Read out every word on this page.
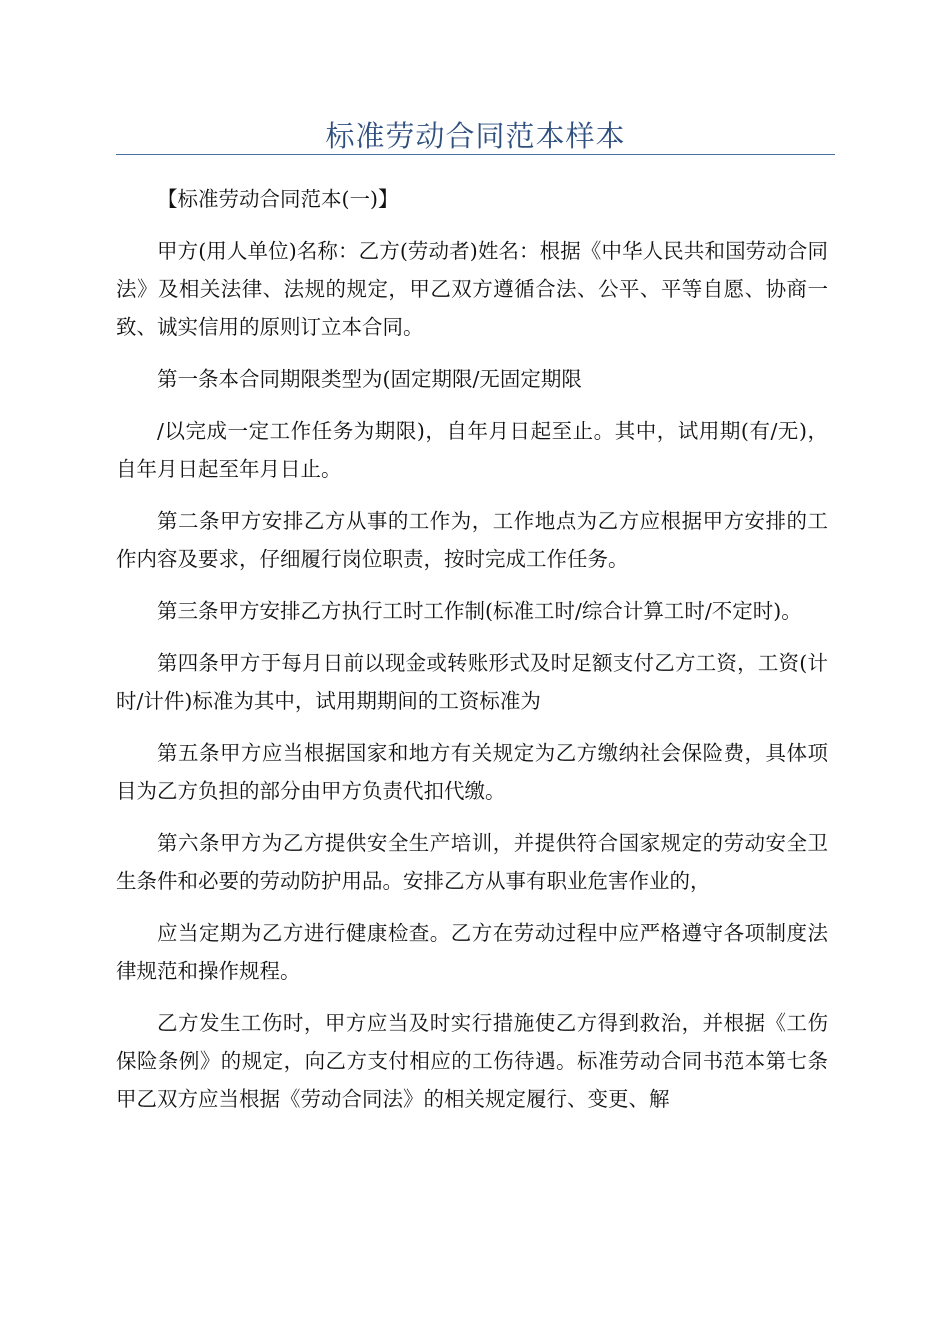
标准劳动合同范本样本

【标准劳动合同范本(一)】

甲方(用人单位)名称：乙方(劳动者)姓名：根据《中华人民共和国劳动合同法》及相关法律、法规的规定，甲乙双方遵循合法、公平、平等自愿、协商一致、诚实信用的原则订立本合同。

第一条本合同期限类型为(固定期限/无固定期限

/以完成一定工作任务为期限)，自年月日起至止。其中，试用期(有/无)，自年月日起至年月日止。

第二条甲方安排乙方从事的工作为，工作地点为乙方应根据甲方安排的工作内容及要求，仔细履行岗位职责，按时完成工作任务。

第三条甲方安排乙方执行工时工作制(标准工时/综合计算工时/不定时)。

第四条甲方于每月日前以现金或转账形式及时足额支付乙方工资，工资(计时/计件)标准为其中，试用期期间的工资标准为

第五条甲方应当根据国家和地方有关规定为乙方缴纳社会保险费，具体项目为乙方负担的部分由甲方负责代扣代缴。

第六条甲方为乙方提供安全生产培训，并提供符合国家规定的劳动安全卫生条件和必要的劳动防护用品。安排乙方从事有职业危害作业的，

应当定期为乙方进行健康检查。乙方在劳动过程中应严格遵守各项制度法律规范和操作规程。

乙方发生工伤时，甲方应当及时实行措施使乙方得到救治，并根据《工伤保险条例》的规定，向乙方支付相应的工伤待遇。标准劳动合同书范本第七条甲乙双方应当根据《劳动合同法》的相关规定履行、变更、解
